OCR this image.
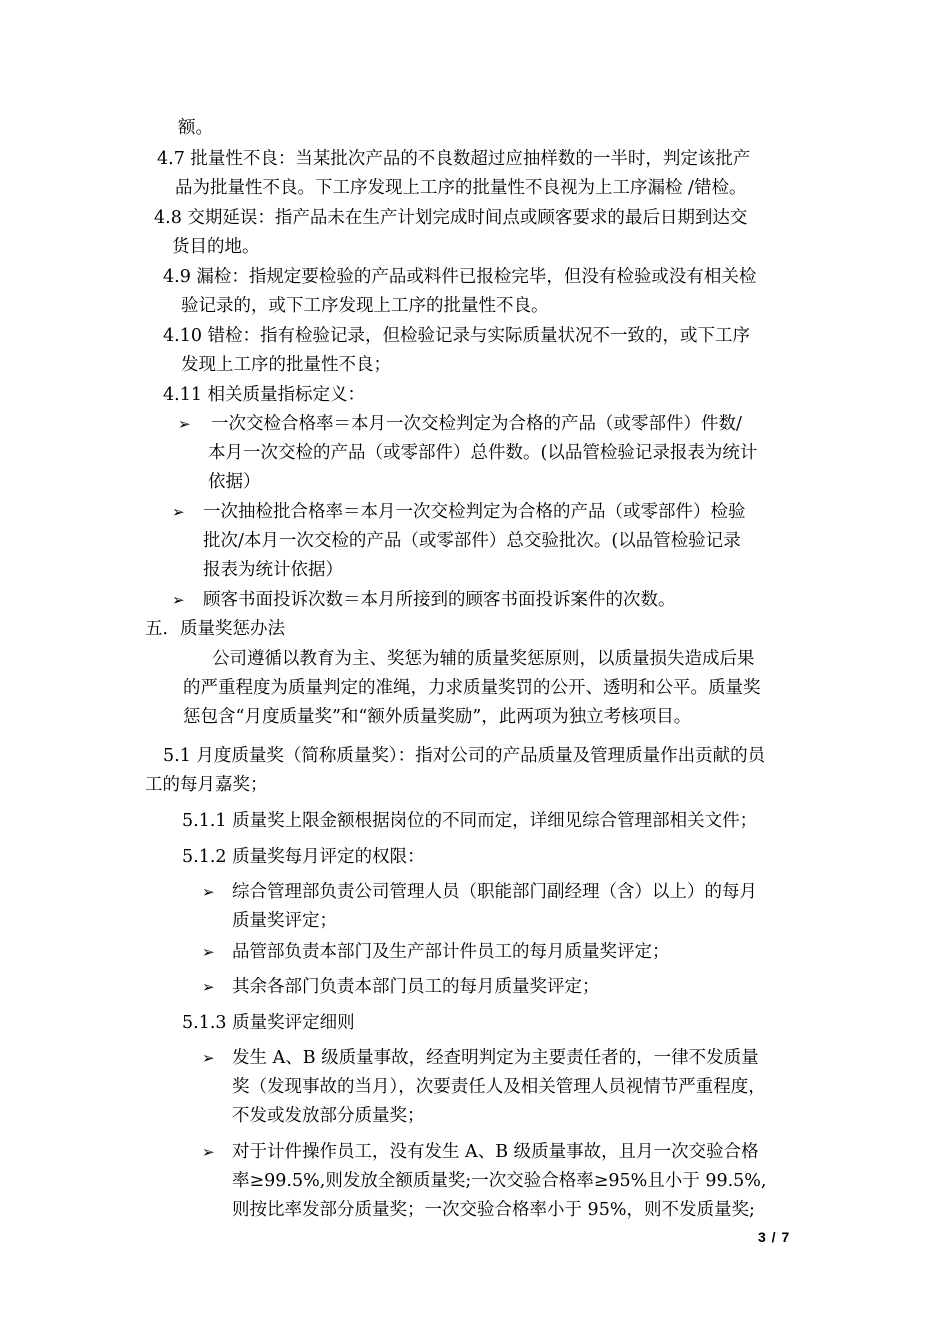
额。
4.7 批量性不良：当某批次产品的不良数超过应抽样数的一半时，判定该批产
品为批量性不良。下工序发现上工序的批量性不良视为上工序漏检 /错检。
4.8 交期延误：指产品未在生产计划完成时间点或顾客要求的最后日期到达交
货目的地。
4.9 漏检：指规定要检验的产品或料件已报检完毕，但没有检验或没有相关检
验记录的，或下工序发现上工序的批量性不良。
4.10 错检：指有检验记录，但检验记录与实际质量状况不一致的，或下工序
发现上工序的批量性不良；
4.11 相关质量指标定义：
➢ 一次交检合格率＝本月一次交检判定为合格的产品（或零部件）件数/
本月一次交检的产品（或零部件）总件数。(以品管检验记录报表为统计
依据）
➢ 一次抽检批合格率＝本月一次交检判定为合格的产品（或零部件）检验
批次/本月一次交检的产品（或零部件）总交验批次。(以品管检验记录
报表为统计依据）
➢ 顾客书面投诉次数＝本月所接到的顾客书面投诉案件的次数。
五．质量奖惩办法
公司遵循以教育为主、奖惩为辅的质量奖惩原则，以质量损失造成后果
的严重程度为质量判定的准绳，力求质量奖罚的公开、透明和公平。质量奖
惩包含“月度质量奖”和“额外质量奖励”，此两项为独立考核项目。
5.1 月度质量奖（简称质量奖）：指对公司的产品质量及管理质量作出贡献的员
工的每月嘉奖；
5.1.1 质量奖上限金额根据岗位的不同而定，详细见综合管理部相关文件；
5.1.2 质量奖每月评定的权限：
➢ 综合管理部负责公司管理人员（职能部门副经理（含）以上）的每月
质量奖评定；
➢ 品管部负责本部门及生产部计件员工的每月质量奖评定；
➢ 其余各部门负责本部门员工的每月质量奖评定；
5.1.3 质量奖评定细则
➢ 发生 A、B 级质量事故，经查明判定为主要责任者的，一律不发质量
奖（发现事故的当月），次要责任人及相关管理人员视情节严重程度，
不发或发放部分质量奖；
➢ 对于计件操作员工，没有发生 A、B 级质量事故，且月一次交验合格
率≥99.5%,则发放全额质量奖;一次交验合格率≥95%且小于 99.5%,
则按比率发部分质量奖；一次交验合格率小于 95%，则不发质量奖;
3 / 7
